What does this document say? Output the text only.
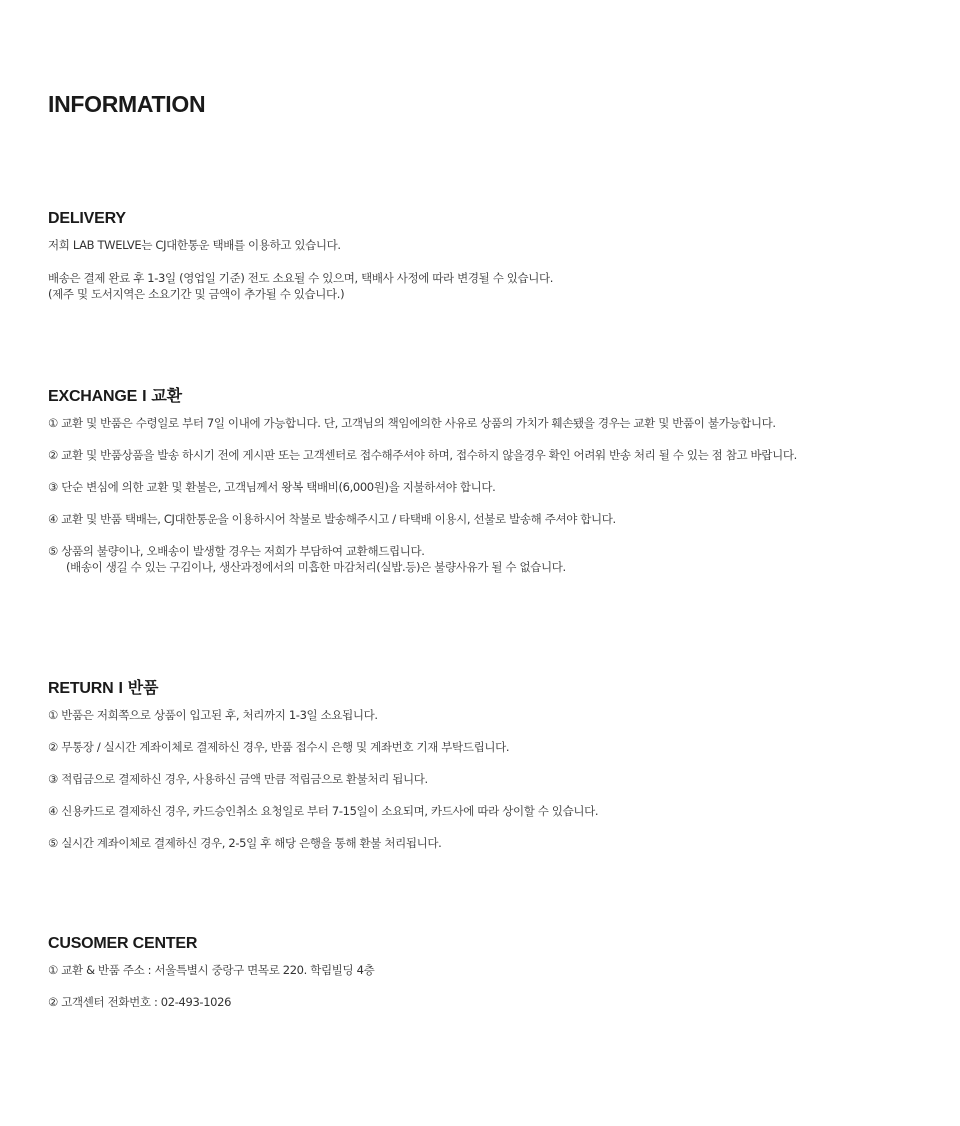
INFORMATION
DELIVERY

저희 LAB TWELVE는 CJ대한통운 택배를 이용하고 있습니다.

배송은 결제 완료 후 1-3일 (영업일 기준) 전도 소요될 수 있으며, 택배사 사정에 따라 변경될 수 있습니다.

(제주 및 도서지역은 소요기간 및 금액이 추가될 수 있습니다.)

EXCHANGE I 교환

① 교환 및 반품은 수령일로 부터 7일 이내에 가능합니다. 단, 고객님의 책임에의한 사유로 상품의 가치가 훼손됐을 경우는 교환 및 반품이 불가능합니다.

② 교환 및 반품상품을 발송 하시기 전에 게시판 또는 고객센터로 접수해주셔야 하며, 접수하지 않을경우 확인 어려워 반송 처리 될 수 있는 점 참고 바랍니다.

③ 단순 변심에 의한 교환 및 환불은, 고객님께서 왕복 택배비(6,000원)을 지불하셔야 합니다.

④ 교환 및 반품 택배는, CJ대한통운을 이용하시어 착불로 발송해주시고 / 타택배 이용시, 선불로 발송해 주셔야 합니다.

⑤ 상품의 불량이나, 오배송이 발생할 경우는 저희가 부담하여 교환해드립니다.

(배송이 생길 수 있는 구김이나, 생산과정에서의 미흡한 마감처리(실밥.등)은 불량사유가 될 수 없습니다.

RETURN I 반품

① 반품은 저희쪽으로 상품이 입고된 후, 처리까지 1-3일 소요됩니다.

② 무통장 / 실시간 계좌이체로 결제하신 경우, 반품 접수시 은행 및 계좌번호 기재 부탁드립니다.

③ 적립금으로 결제하신 경우, 사용하신 금액 만큼 적립금으로 환불처리 됩니다.

④ 신용카드로 결제하신 경우, 카드승인취소 요청일로 부터 7-15일이 소요되며, 카드사에 따라 상이할 수 있습니다.

⑤ 실시간 계좌이체로 결제하신 경우, 2-5일 후 해당 은행을 통해 환불 처리됩니다.

CUSOMER CENTER

① 교환 & 반품 주소 : 서울특별시 중랑구 면목로 220. 학림빌딩 4층

② 고객센터 전화번호 : 02-493-1026
